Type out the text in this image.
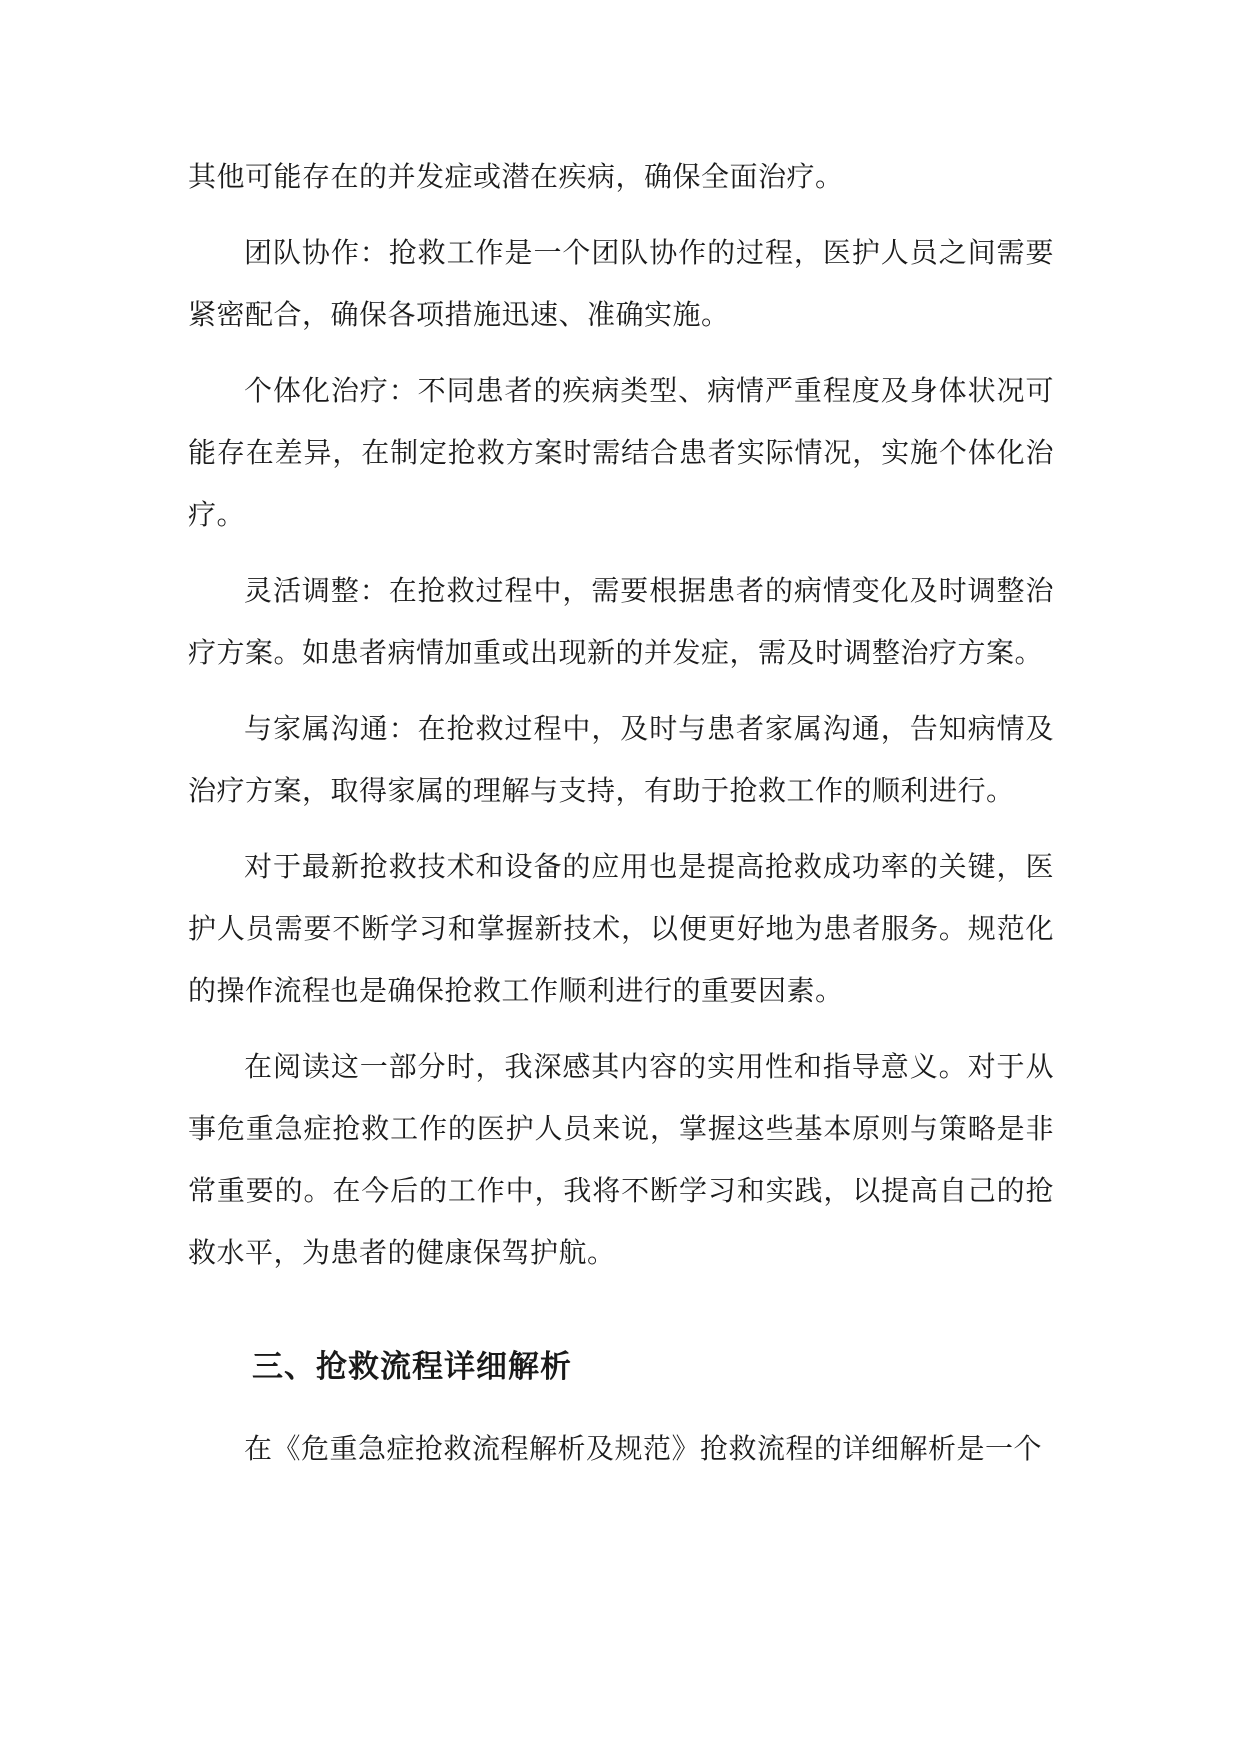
其他可能存在的并发症或潜在疾病，确保全面治疗。

团队协作：抢救工作是一个团队协作的过程，医护人员之间需要紧密配合，确保各项措施迅速、准确实施。

个体化治疗：不同患者的疾病类型、病情严重程度及身体状况可能存在差异，在制定抢救方案时需结合患者实际情况，实施个体化治疗。

灵活调整：在抢救过程中，需要根据患者的病情变化及时调整治疗方案。如患者病情加重或出现新的并发症，需及时调整治疗方案。

与家属沟通：在抢救过程中，及时与患者家属沟通，告知病情及治疗方案，取得家属的理解与支持，有助于抢救工作的顺利进行。

对于最新抢救技术和设备的应用也是提高抢救成功率的关键，医护人员需要不断学习和掌握新技术，以便更好地为患者服务。规范化的操作流程也是确保抢救工作顺利进行的重要因素。

在阅读这一部分时，我深感其内容的实用性和指导意义。对于从事危重急症抢救工作的医护人员来说，掌握这些基本原则与策略是非常重要的。在今后的工作中，我将不断学习和实践，以提高自己的抢救水平，为患者的健康保驾护航。

三、抢救流程详细解析

在《危重急症抢救流程解析及规范》抢救流程的详细解析是一个
